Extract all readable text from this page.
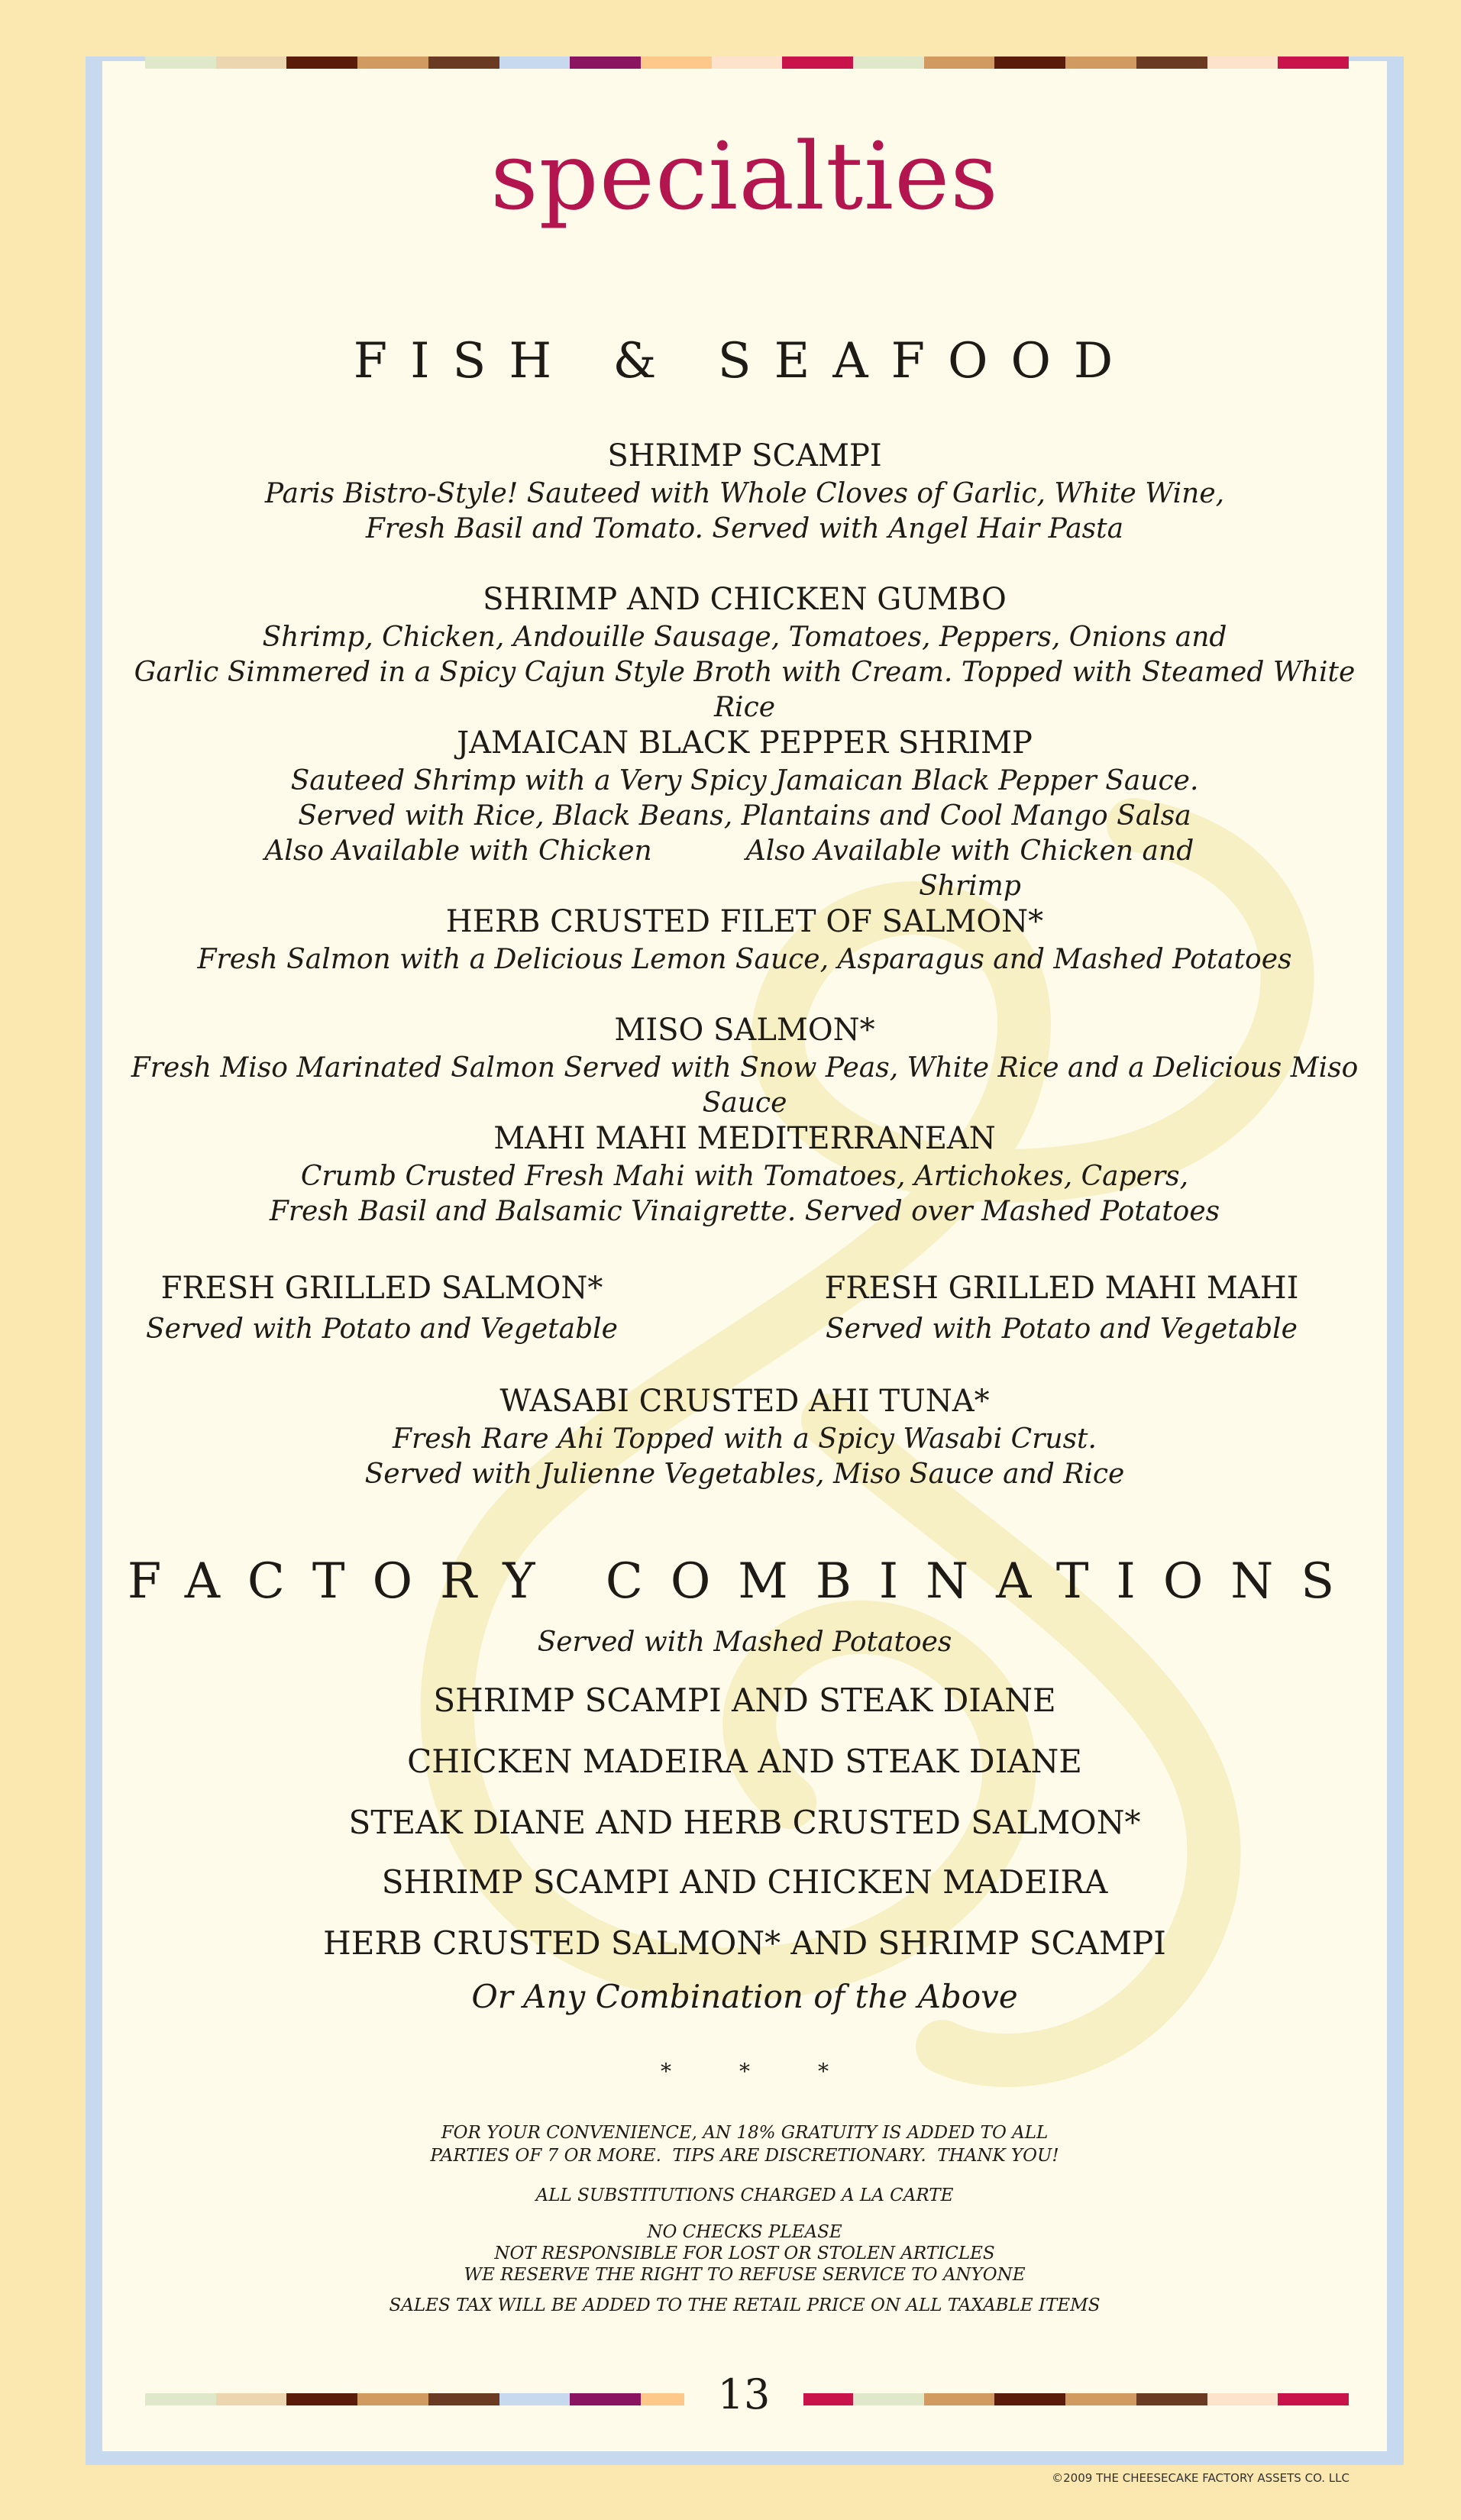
13
specialties
FISH & SEAFOOD
SHRIMP SCAMPI
Paris Bistro-Style! Sauteed with Whole Cloves of Garlic, White Wine,
Fresh Basil and Tomato. Served with Angel Hair Pasta
SHRIMP AND CHICKEN GUMBO
Shrimp, Chicken, Andouille Sausage, Tomatoes, Peppers, Onions and
Garlic Simmered in a Spicy Cajun Style Broth with Cream. Topped with Steamed White Rice
JAMAICAN BLACK PEPPER SHRIMP
Sauteed Shrimp with a Very Spicy Jamaican Black Pepper Sauce.
Served with Rice, Black Beans, Plantains and Cool Mango Salsa
Also Available with Chicken	Also Available with Chicken and Shrimp
HERB CRUSTED FILET OF SALMON*
Fresh Salmon with a Delicious Lemon Sauce, Asparagus and Mashed Potatoes
MISO SALMON*
Fresh Miso Marinated Salmon Served with Snow Peas, White Rice and a Delicious Miso Sauce
MAHI MAHI MEDITERRANEAN
Crumb Crusted Fresh Mahi with Tomatoes, Artichokes, Capers,
Fresh Basil and Balsamic Vinaigrette. Served over Mashed Potatoes
FRESH GRILLED SALMON*
Served with Potato and Vegetable
FRESH GRILLED MAHI MAHI
Served with Potato and Vegetable
WASABI CRUSTED AHI TUNA*
Fresh Rare Ahi Topped with a Spicy Wasabi Crust.
Served with Julienne Vegetables, Miso Sauce and Rice
FACTORY COMBINATIONS
Served with Mashed Potatoes
SHRIMP SCAMPI AND STEAK DIANE
CHICKEN MADEIRA AND STEAK DIANE
STEAK DIANE AND HERB CRUSTED SALMON*
SHRIMP SCAMPI AND CHICKEN MADEIRA
HERB CRUSTED SALMON* AND SHRIMP SCAMPI
Or Any Combination of the Above
*          *          *
FOR YOUR CONVENIENCE, AN 18% GRATUITY IS ADDED TO ALL
PARTIES OF 7 OR MORE.  TIPS ARE DISCRETIONARY.  THANK YOU!
ALL SUBSTITUTIONS CHARGED A LA CARTE
NO CHECKS PLEASE
NOT RESPONSIBLE FOR LOST OR STOLEN ARTICLES
WE RESERVE THE RIGHT TO REFUSE SERVICE TO ANYONE
SALES TAX WILL BE ADDED TO THE RETAIL PRICE ON ALL TAXABLE ITEMS
©2009 THE CHEESECAKE FACTORY ASSETS CO. LLC
